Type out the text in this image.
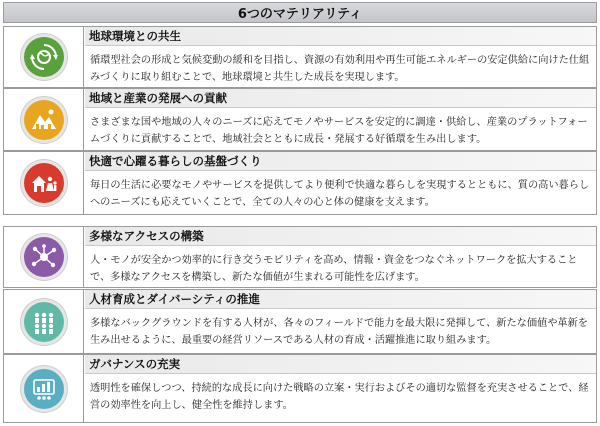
6つのマテリアリティ
地球環境との共生
循環型社会の形成と気候変動の緩和を目指し、資源の有効利用や再生可能エネルギーの安定供給に向けた仕組みづくりに取り組むことで、地球環境と共生した成長を実現します。
地域と産業の発展への貢献
さまざまな国や地域の人々のニーズに応えてモノやサービスを安定的に調達・供給し、産業のプラットフォームづくりに貢献することで、地域社会とともに成長・発展する好循環を生み出します。
快適で心躍る暮らしの基盤づくり
毎日の生活に必要なモノやサービスを提供してより便利で快適な暮らしを実現するとともに、質の高い暮らしへのニーズにも応えていくことで、全ての人々の心と体の健康を支えます。
多様なアクセスの構築
人・モノが安全かつ効率的に行き交うモビリティを高め、情報・資金をつなぐネットワークを拡大することで、多様なアクセスを構築し、新たな価値が生まれる可能性を広げます。
人材育成とダイバーシティの推進
多様なバックグラウンドを有する人材が、各々のフィールドで能力を最大限に発揮して、新たな価値や革新を生み出せるように、最重要の経営リソースである人材の育成・活躍推進に取り組みます。
ガバナンスの充実
透明性を確保しつつ、持続的な成長に向けた戦略の立案・実行およびその適切な監督を充実させることで、経営の効率性を向上し、健全性を維持します。
